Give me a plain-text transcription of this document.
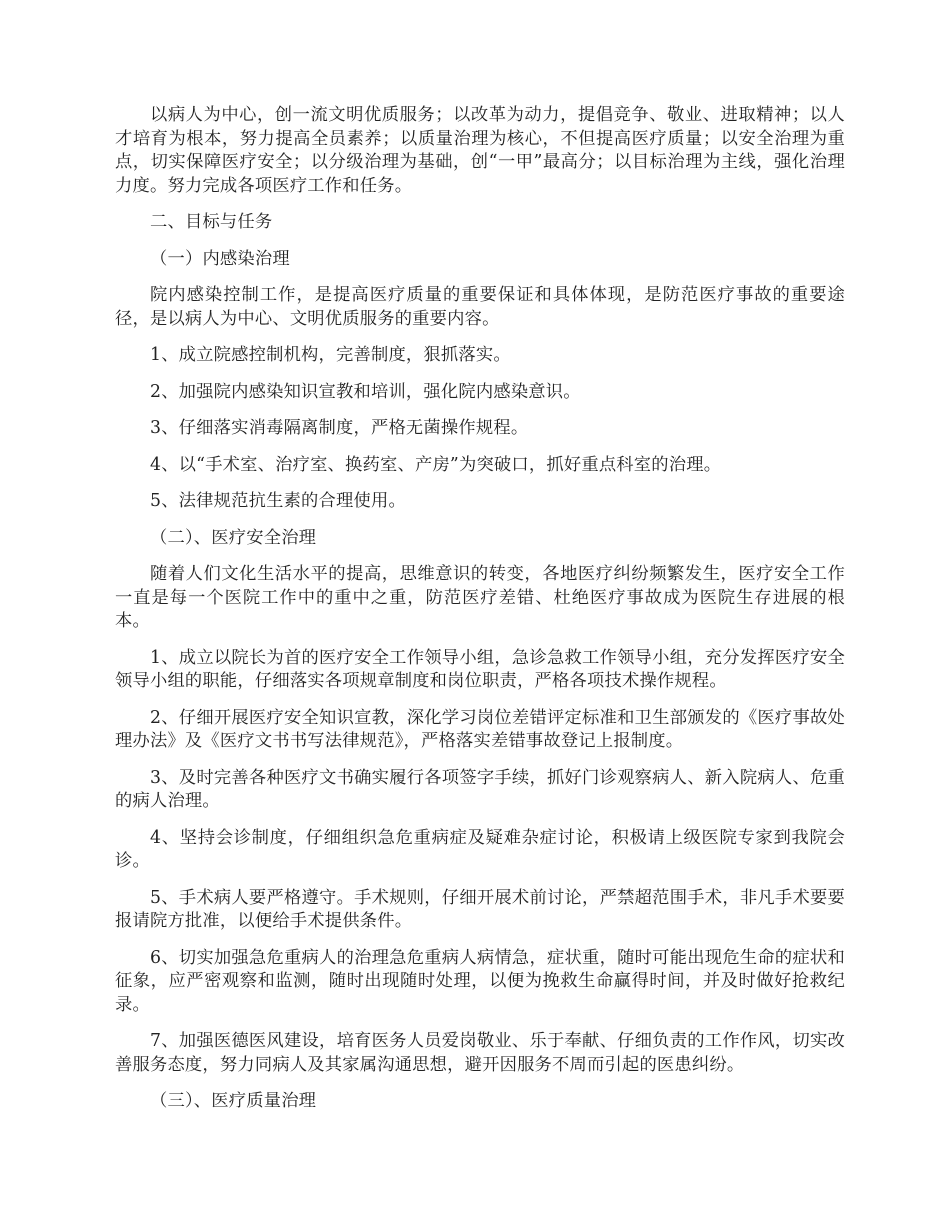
以病人为中心，创一流文明优质服务；以改革为动力，提倡竞争、敬业、进取精神；以人才培育为根本，努力提高全员素养；以质量治理为核心，不但提高医疗质量；以安全治理为重点，切实保障医疗安全；以分级治理为基础，创“一甲”最高分；以目标治理为主线，强化治理力度。努力完成各项医疗工作和任务。

二、目标与任务

（一）内感染治理

院内感染控制工作，是提高医疗质量的重要保证和具体体现，是防范医疗事故的重要途径，是以病人为中心、文明优质服务的重要内容。

1、成立院感控制机构，完善制度，狠抓落实。

2、加强院内感染知识宣教和培训，强化院内感染意识。

3、仔细落实消毒隔离制度，严格无菌操作规程。

4、以“手术室、治疗室、换药室、产房”为突破口，抓好重点科室的治理。

5、法律规范抗生素的合理使用。

（二）、医疗安全治理

随着人们文化生活水平的提高，思维意识的转变，各地医疗纠纷频繁发生，医疗安全工作一直是每一个医院工作中的重中之重，防范医疗差错、杜绝医疗事故成为医院生存进展的根本。

1、成立以院长为首的医疗安全工作领导小组，急诊急救工作领导小组，充分发挥医疗安全领导小组的职能，仔细落实各项规章制度和岗位职责，严格各项技术操作规程。

2、仔细开展医疗安全知识宣教，深化学习岗位差错评定标准和卫生部颁发的《医疗事故处理办法》及《医疗文书书写法律规范》，严格落实差错事故登记上报制度。

3、及时完善各种医疗文书确实履行各项签字手续，抓好门诊观察病人、新入院病人、危重的病人治理。

4、坚持会诊制度，仔细组织急危重病症及疑难杂症讨论，积极请上级医院专家到我院会诊。

5、手术病人要严格遵守。手术规则，仔细开展术前讨论，严禁超范围手术，非凡手术要要报请院方批准，以便给手术提供条件。

6、切实加强急危重病人的治理急危重病人病情急，症状重，随时可能出现危生命的症状和征象，应严密观察和监测，随时出现随时处理，以便为挽救生命赢得时间，并及时做好抢救纪录。

7、加强医德医风建设，培育医务人员爱岗敬业、乐于奉献、仔细负责的工作作风，切实改善服务态度，努力同病人及其家属沟通思想，避开因服务不周而引起的医患纠纷。

（三）、医疗质量治理
